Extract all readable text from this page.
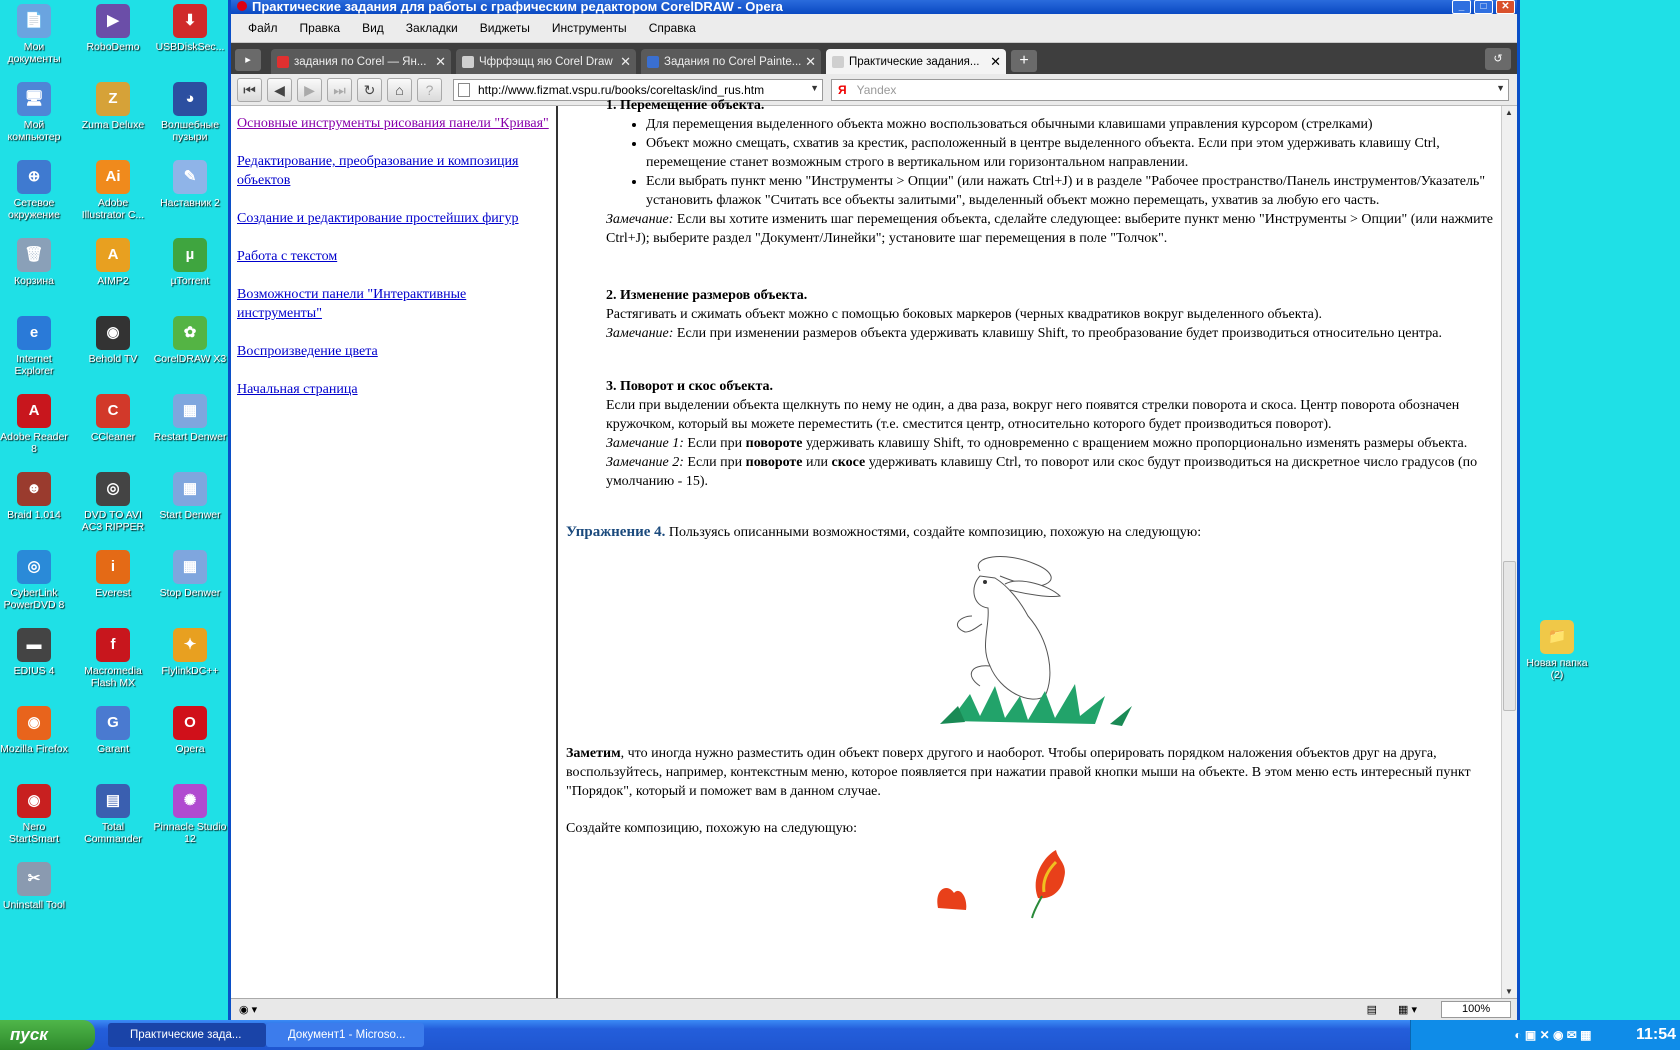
📁
Новая папка (2)
Практические задания для работы с графическим редактором CorelDRAW - Opera	_	□	✕
Файл Правка Вид Закладки Виджеты Инструменты Справка
▸	задания по Corel — Ян... ✕	Чфрфэщц яю Corel Draw ✕	Задания по Corel Painte... ✕	Практические задания... ✕	+	↺
⏮	◀	▶	⏭	↻	⌂	?	http://www.fizmat.vspu.ru/books/coreltask/ind_rus.htm	▼ Я Yandex	▼
Основные инструменты рисования панели "Кривая"
Редактирование, преобразование и композиция объектов
Создание и редактирование простейших фигур
Работа с текстом
Возможности панели "Интерактивные инструменты"
Воспроизведение цвета
Начальная страница
1. Перемещение объекта.
• Для перемещения выделенного объекта можно воспользоваться обычными клавишами управления курсором (стрелками)
• Объект можно смещать, схватив за крестик, расположенный в центре выделенного объекта. Если при этом удерживать клавишу Ctrl, перемещение станет возможным строго в вертикальном или горизонтальном направлении.
• Если выбрать пункт меню "Инструменты > Опции" (или нажать Ctrl+J) и в разделе "Рабочее пространство/Панель инструментов/Указатель" установить флажок "Считать все объекты залитыми", выделенный объект можно перемещать, ухватив за любую его часть.
Замечание: Если вы хотите изменить шаг перемещения объекта, сделайте следующее: выберите пункт меню "Инструменты > Опции" (или нажмите Ctrl+J); выберите раздел "Документ/Линейки"; установите шаг перемещения в поле "Толчок".
2. Изменение размеров объекта.
Растягивать и сжимать объект можно с помощью боковых маркеров (черных квадратиков вокруг выделенного объекта).
Замечание: Если при изменении размеров объекта удерживать клавишу Shift, то преобразование будет производиться относительно центра.
3. Поворот и скос объекта.
Если при выделении объекта щелкнуть по нему не один, а два раза, вокруг него появятся стрелки поворота и скоса. Центр поворота обозначен кружочком, который вы можете переместить (т.е. сместится центр, относительно которого будет производиться поворот).
Замечание 1: Если при повороте удерживать клавишу Shift, то одновременно с вращением можно пропорционально изменять размеры объекта.
Замечание 2: Если при повороте или скосе удерживать клавишу Ctrl, то поворот или скос будут производиться на дискретное число градусов (по умолчанию - 15).
Упражнение 4. Пользуясь описанными возможностями, создайте композицию, похожую на следующую:
Заметим, что иногда нужно разместить один объект поверх другого и наоборот. Чтобы оперировать порядком наложения объектов друг на друга, воспользуйтесь, например, контекстным меню, которое появляется при нажатии правой кнопки мыши на объекте. В этом меню есть интересный пункт "Порядок", который и поможет вам в данном случае.
Создайте композицию, похожую на следующую:
▲
▼
◉ ▾	▤ ▦ ▾	100%
пуск	Практические зада...	Документ1 - Microso...	◐ ▣ ✕ ◉ ✉ ▦	11:54
📄
Мои документы
▶
RoboDemo
⬇
USBDiskSec...
🖥
Мой компьютер
Z
Zuma Deluxe
◕
Волшебные пузыри
⊕
Сетевое окружение
Ai
Adobe Illustrator C...
✎
Наставник 2
🗑
Корзина
A
AIMP2
µ
µTorrent
e
Internet Explorer
◉
Behold TV
✿
CorelDRAW X3
A
Adobe Reader 8
C
CCleaner
▦
Restart Denwer
☻
Braid 1.014
◎
DVD TO AVI AC3 RIPPER
▦
Start Denwer
◎
CyberLink PowerDVD 8
i
Everest
▦
Stop Denwer
▬
EDIUS 4
f
Macromedia Flash MX
✦
FlylinkDC++
◉
Mozilla Firefox
G
Garant
O
Opera
◉
Nero StartSmart
▤
Total Commander
✺
Pinnacle Studio 12
✂
Uninstall Tool
